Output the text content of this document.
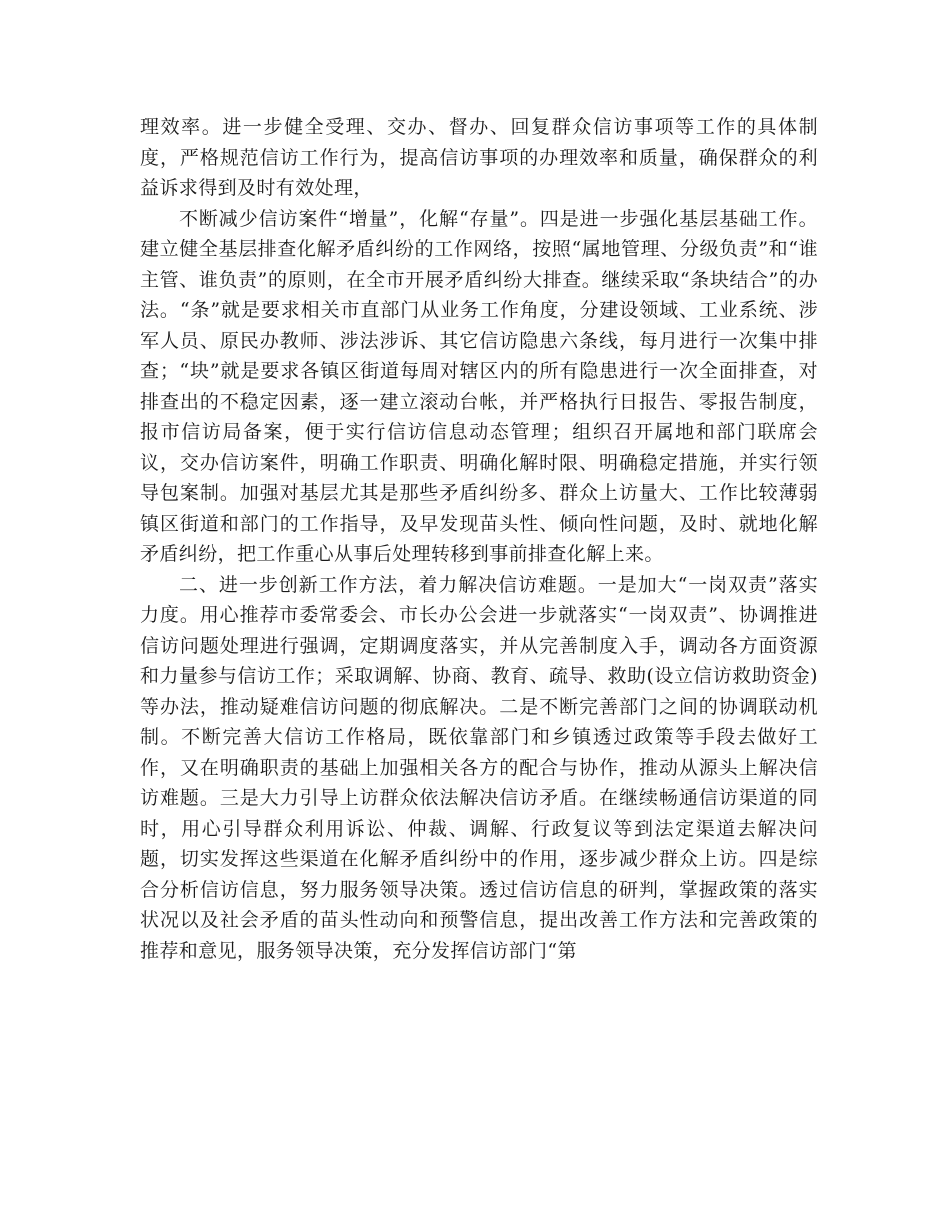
理效率。进一步健全受理、交办、督办、回复群众信访事项等工作的具体制度，严格规范信访工作行为，提高信访事项的办理效率和质量，确保群众的利益诉求得到及时有效处理，

不断减少信访案件“增量”，化解“存量”。四是进一步强化基层基础工作。建立健全基层排查化解矛盾纠纷的工作网络，按照“属地管理、分级负责”和“谁主管、谁负责”的原则，在全市开展矛盾纠纷大排查。继续采取“条块结合”的办法。“条”就是要求相关市直部门从业务工作角度，分建设领域、工业系统、涉军人员、原民办教师、涉法涉诉、其它信访隐患六条线，每月进行一次集中排查；“块”就是要求各镇区街道每周对辖区内的所有隐患进行一次全面排查，对排查出的不稳定因素，逐一建立滚动台帐，并严格执行日报告、零报告制度，报市信访局备案，便于实行信访信息动态管理；组织召开属地和部门联席会议，交办信访案件，明确工作职责、明确化解时限、明确稳定措施，并实行领导包案制。加强对基层尤其是那些矛盾纠纷多、群众上访量大、工作比较薄弱镇区街道和部门的工作指导，及早发现苗头性、倾向性问题，及时、就地化解矛盾纠纷，把工作重心从事后处理转移到事前排查化解上来。

二、进一步创新工作方法，着力解决信访难题。一是加大“一岗双责”落实力度。用心推荐市委常委会、市长办公会进一步就落实“一岗双责”、协调推进信访问题处理进行强调，定期调度落实，并从完善制度入手，调动各方面资源和力量参与信访工作；采取调解、协商、教育、疏导、救助(设立信访救助资金)等办法，推动疑难信访问题的彻底解决。二是不断完善部门之间的协调联动机制。不断完善大信访工作格局，既依靠部门和乡镇透过政策等手段去做好工作，又在明确职责的基础上加强相关各方的配合与协作，推动从源头上解决信访难题。三是大力引导上访群众依法解决信访矛盾。在继续畅通信访渠道的同时，用心引导群众利用诉讼、仲裁、调解、行政复议等到法定渠道去解决问题，切实发挥这些渠道在化解矛盾纠纷中的作用，逐步减少群众上访。四是综合分析信访信息，努力服务领导决策。透过信访信息的研判，掌握政策的落实状况以及社会矛盾的苗头性动向和预警信息，提出改善工作方法和完善政策的推荐和意见，服务领导决策，充分发挥信访部门“第
